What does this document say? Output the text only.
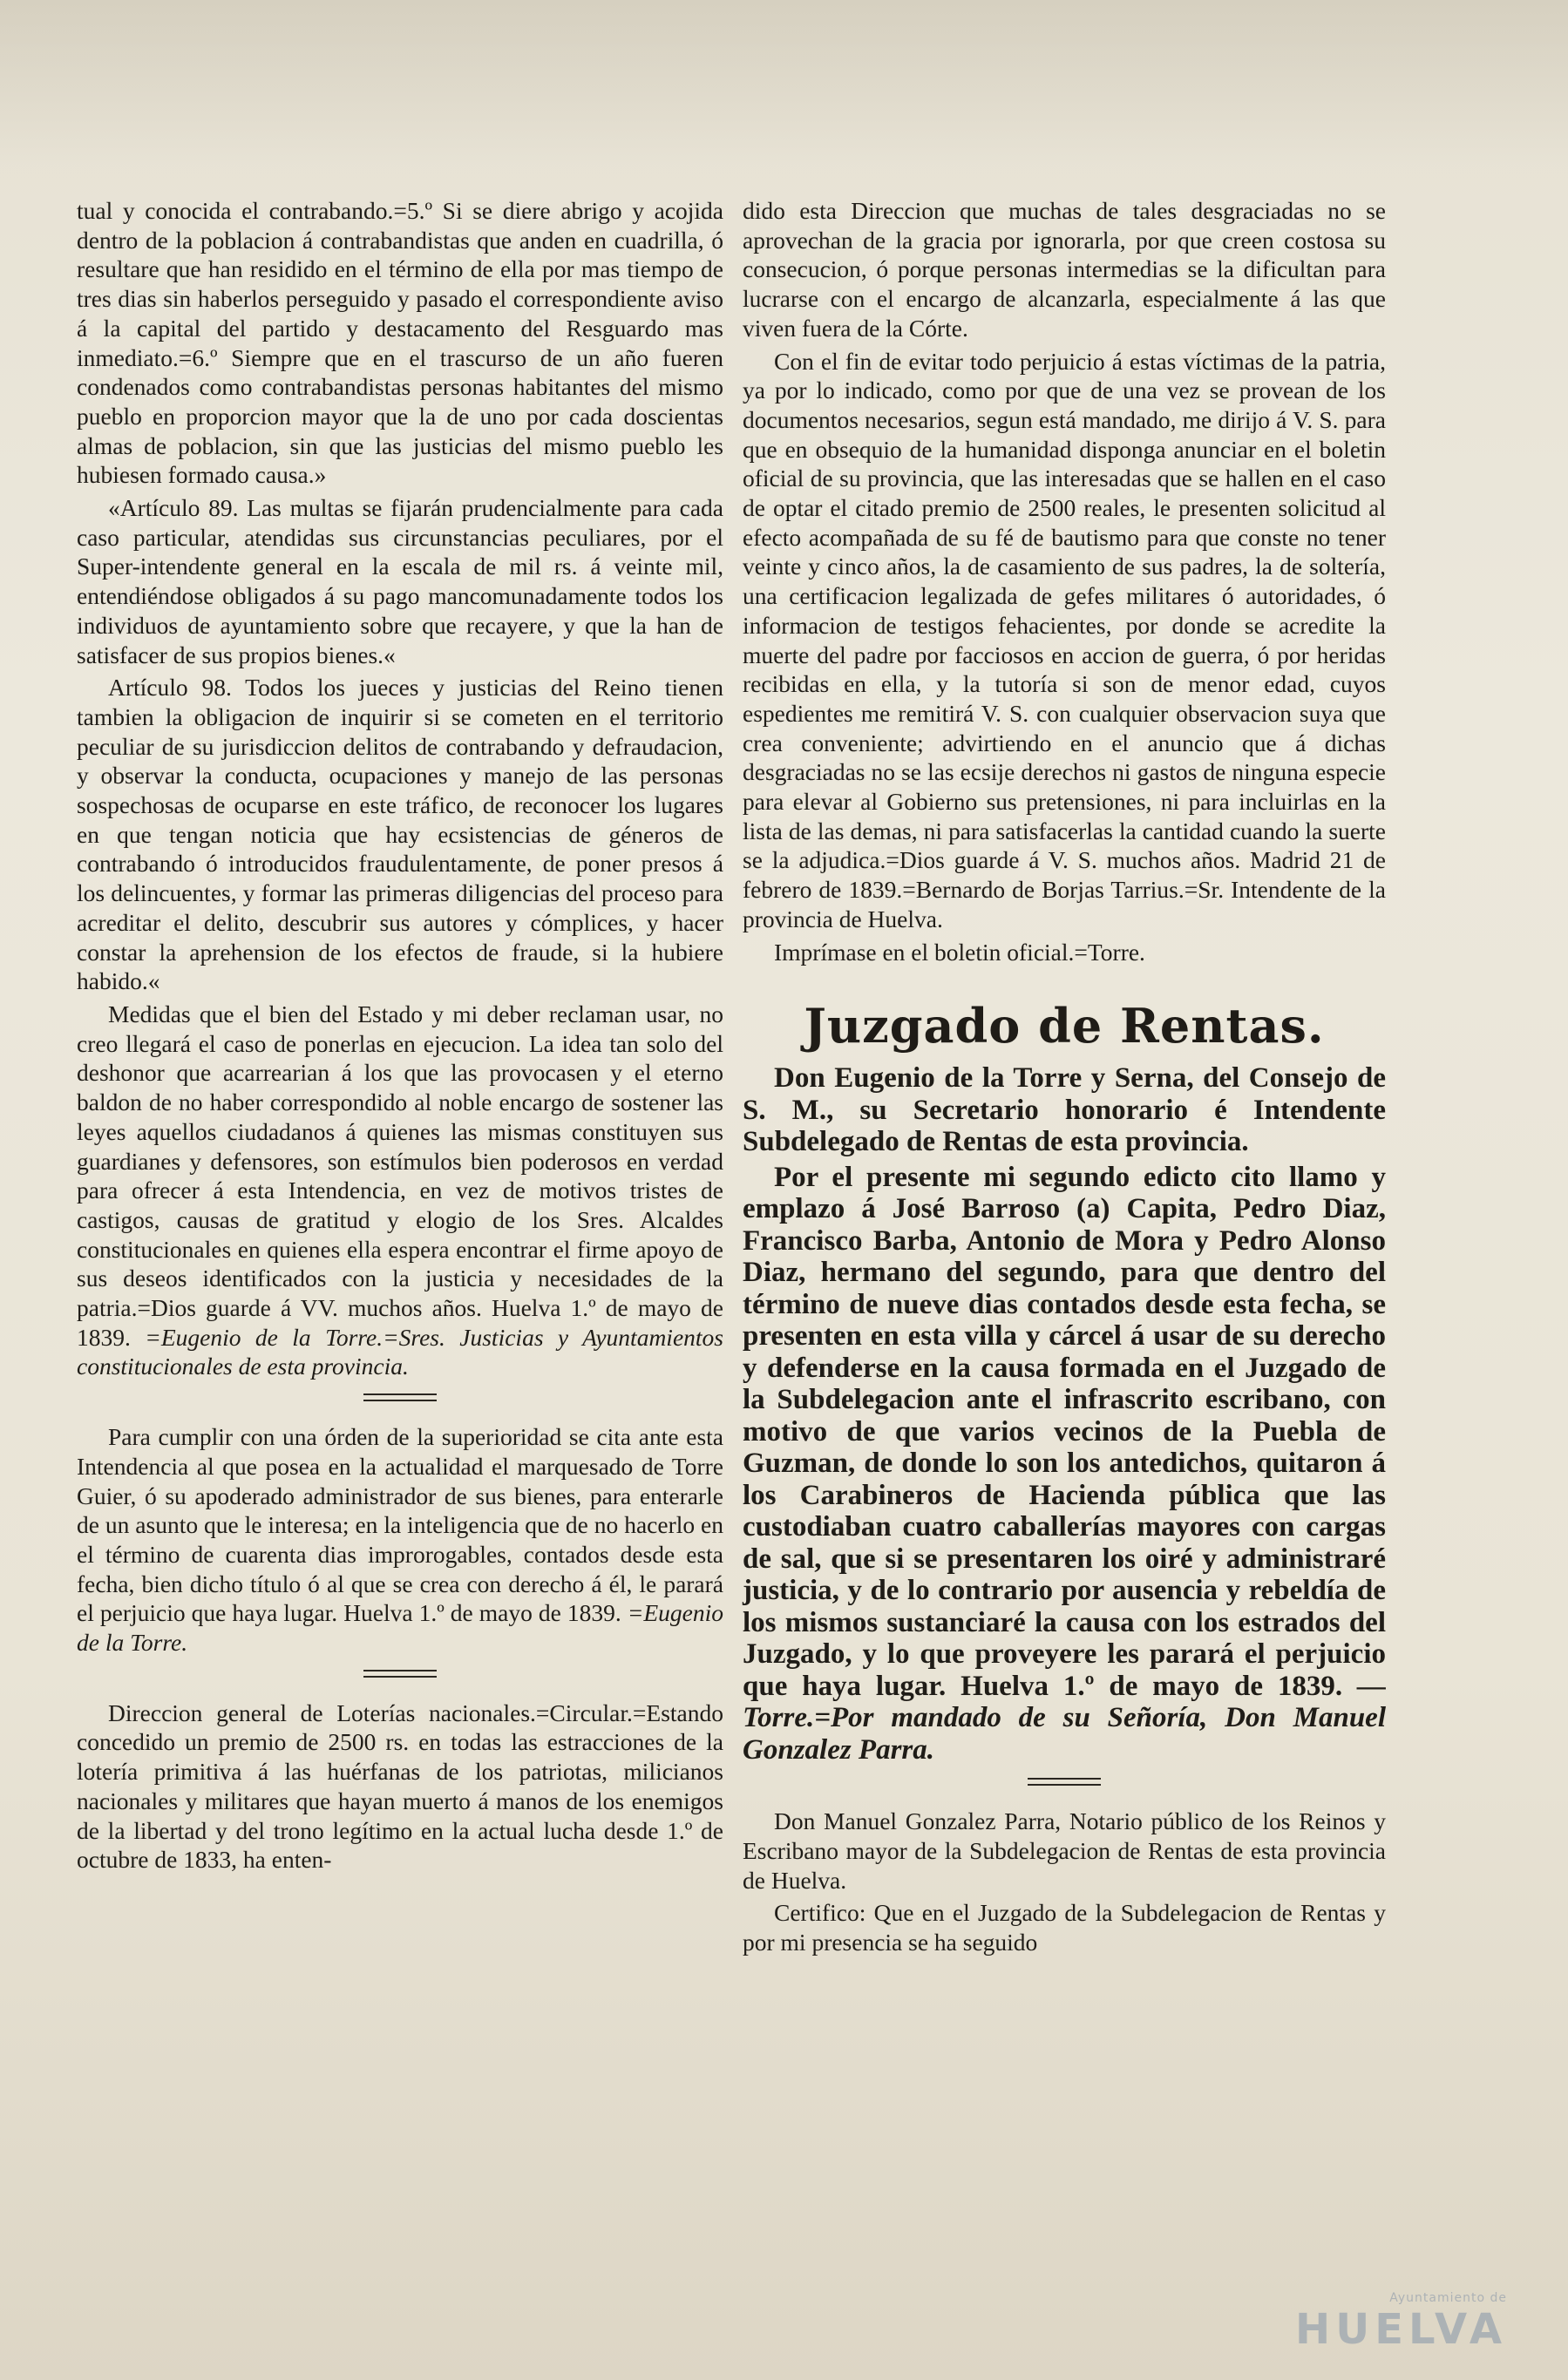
tual y conocida el contrabando.=5.º Si se diere abrigo y acojida dentro de la poblacion á contrabandistas que anden en cuadrilla, ó resultare que han residido en el término de ella por mas tiempo de tres dias sin haberlos perseguido y pasado el correspondiente aviso á la capital del partido y destacamento del Resguardo mas inmediato.=6.º Siempre que en el trascurso de un año fueren condenados como contrabandistas personas habitantes del mismo pueblo en proporcion mayor que la de uno por cada doscientas almas de poblacion, sin que las justicias del mismo pueblo les hubiesen formado causa.»

«Artículo 89. Las multas se fijarán prudencialmente para cada caso particular, atendidas sus circunstancias peculiares, por el Super-intendente general en la escala de mil rs. á veinte mil, entendiéndose obligados á su pago mancomunadamente todos los individuos de ayuntamiento sobre que recayere, y que la han de satisfacer de sus propios bienes.«

Artículo 98. Todos los jueces y justicias del Reino tienen tambien la obligacion de inquirir si se cometen en el territorio peculiar de su jurisdiccion delitos de contrabando y defraudacion, y observar la conducta, ocupaciones y manejo de las personas sospechosas de ocuparse en este tráfico, de reconocer los lugares en que tengan noticia que hay ecsistencias de géneros de contrabando ó introducidos fraudulentamente, de poner presos á los delincuentes, y formar las primeras diligencias del proceso para acreditar el delito, descubrir sus autores y cómplices, y hacer constar la aprehension de los efectos de fraude, si la hubiere habido.«

Medidas que el bien del Estado y mi deber reclaman usar, no creo llegará el caso de ponerlas en ejecucion. La idea tan solo del deshonor que acarrearian á los que las provocasen y el eterno baldon de no haber correspondido al noble encargo de sostener las leyes aquellos ciudadanos á quienes las mismas constituyen sus guardianes y defensores, son estímulos bien poderosos en verdad para ofrecer á esta Intendencia, en vez de motivos tristes de castigos, causas de gratitud y elogio de los Sres. Alcaldes constitucionales en quienes ella espera encontrar el firme apoyo de sus deseos identificados con la justicia y necesidades de la patria.=Dios guarde á VV. muchos años. Huelva 1.º de mayo de 1839. =Eugenio de la Torre.=Sres. Justicias y Ayuntamientos constitucionales de esta provincia.

Para cumplir con una órden de la superioridad se cita ante esta Intendencia al que posea en la actualidad el marquesado de Torre Guier, ó su apoderado administrador de sus bienes, para enterarle de un asunto que le interesa; en la inteligencia que de no hacerlo en el término de cuarenta dias improrogables, contados desde esta fecha, bien dicho título ó al que se crea con derecho á él, le parará el perjuicio que haya lugar. Huelva 1.º de mayo de 1839. =Eugenio de la Torre.

Direccion general de Loterías nacionales.=Circular.=Estando concedido un premio de 2500 rs. en todas las estracciones de la lotería primitiva á las huérfanas de los patriotas, milicianos nacionales y militares que hayan muerto á manos de los enemigos de la libertad y del trono legítimo en la actual lucha desde 1.º de octubre de 1833, ha enten-

dido esta Direccion que muchas de tales desgraciadas no se aprovechan de la gracia por ignorarla, por que creen costosa su consecucion, ó porque personas intermedias se la dificultan para lucrarse con el encargo de alcanzarla, especialmente á las que viven fuera de la Córte.

Con el fin de evitar todo perjuicio á estas víctimas de la patria, ya por lo indicado, como por que de una vez se provean de los documentos necesarios, segun está mandado, me dirijo á V. S. para que en obsequio de la humanidad disponga anunciar en el boletin oficial de su provincia, que las interesadas que se hallen en el caso de optar el citado premio de 2500 reales, le presenten solicitud al efecto acompañada de su fé de bautismo para que conste no tener veinte y cinco años, la de casamiento de sus padres, la de soltería, una certificacion legalizada de gefes militares ó autoridades, ó informacion de testigos fehacientes, por donde se acredite la muerte del padre por facciosos en accion de guerra, ó por heridas recibidas en ella, y la tutoría si son de menor edad, cuyos espedientes me remitirá V. S. con cualquier observacion suya que crea conveniente; advirtiendo en el anuncio que á dichas desgraciadas no se las ecsije derechos ni gastos de ninguna especie para elevar al Gobierno sus pretensiones, ni para incluirlas en la lista de las demas, ni para satisfacerlas la cantidad cuando la suerte se la adjudica.=Dios guarde á V. S. muchos años. Madrid 21 de febrero de 1839.=Bernardo de Borjas Tarrius.=Sr. Intendente de la provincia de Huelva.

Imprímase en el boletin oficial.=Torre.

Juzgado de Rentas.

Don Eugenio de la Torre y Serna, del Consejo de S. M., su Secretario honorario é Intendente Subdelegado de Rentas de esta provincia.

Por el presente mi segundo edicto cito llamo y emplazo á José Barroso (a) Capita, Pedro Diaz, Francisco Barba, Antonio de Mora y Pedro Alonso Diaz, hermano del segundo, para que dentro del término de nueve dias contados desde esta fecha, se presenten en esta villa y cárcel á usar de su derecho y defenderse en la causa formada en el Juzgado de la Subdelegacion ante el infrascrito escribano, con motivo de que varios vecinos de la Puebla de Guzman, de donde lo son los antedichos, quitaron á los Carabineros de Hacienda pública que las custodiaban cuatro caballerías mayores con cargas de sal, que si se presentaren los oiré y administraré justicia, y de lo contrario por ausencia y rebeldía de los mismos sustanciaré la causa con los estrados del Juzgado, y lo que proveyere les parará el perjuicio que haya lugar. Huelva 1.º de mayo de 1839. —Torre.=Por mandado de su Señoría, Don Manuel Gonzalez Parra.

Don Manuel Gonzalez Parra, Notario público de los Reinos y Escribano mayor de la Subdelegacion de Rentas de esta provincia de Huelva.

Certifico: Que en el Juzgado de la Subdelegacion de Rentas y por mi presencia se ha seguido

Ayuntamiento de
HUELVA
